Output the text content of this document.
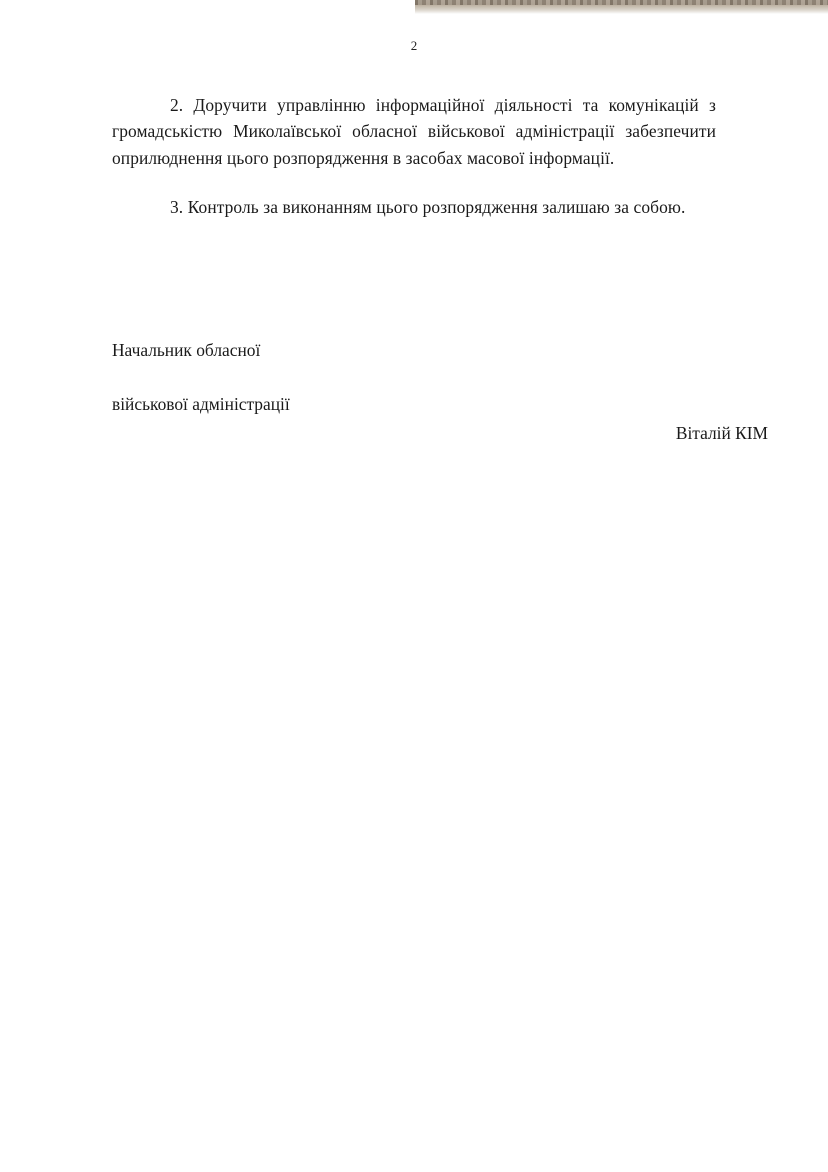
2

2. Доручити управлінню інформаційної діяльності та комунікацій з громадськістю Миколаївської обласної військової адміністрації забезпечити оприлюднення цього розпорядження в засобах масової інформації.

3. Контроль за виконанням цього розпорядження залишаю за собою.

Начальник обласної

військової адміністрації

Віталій КІМ
